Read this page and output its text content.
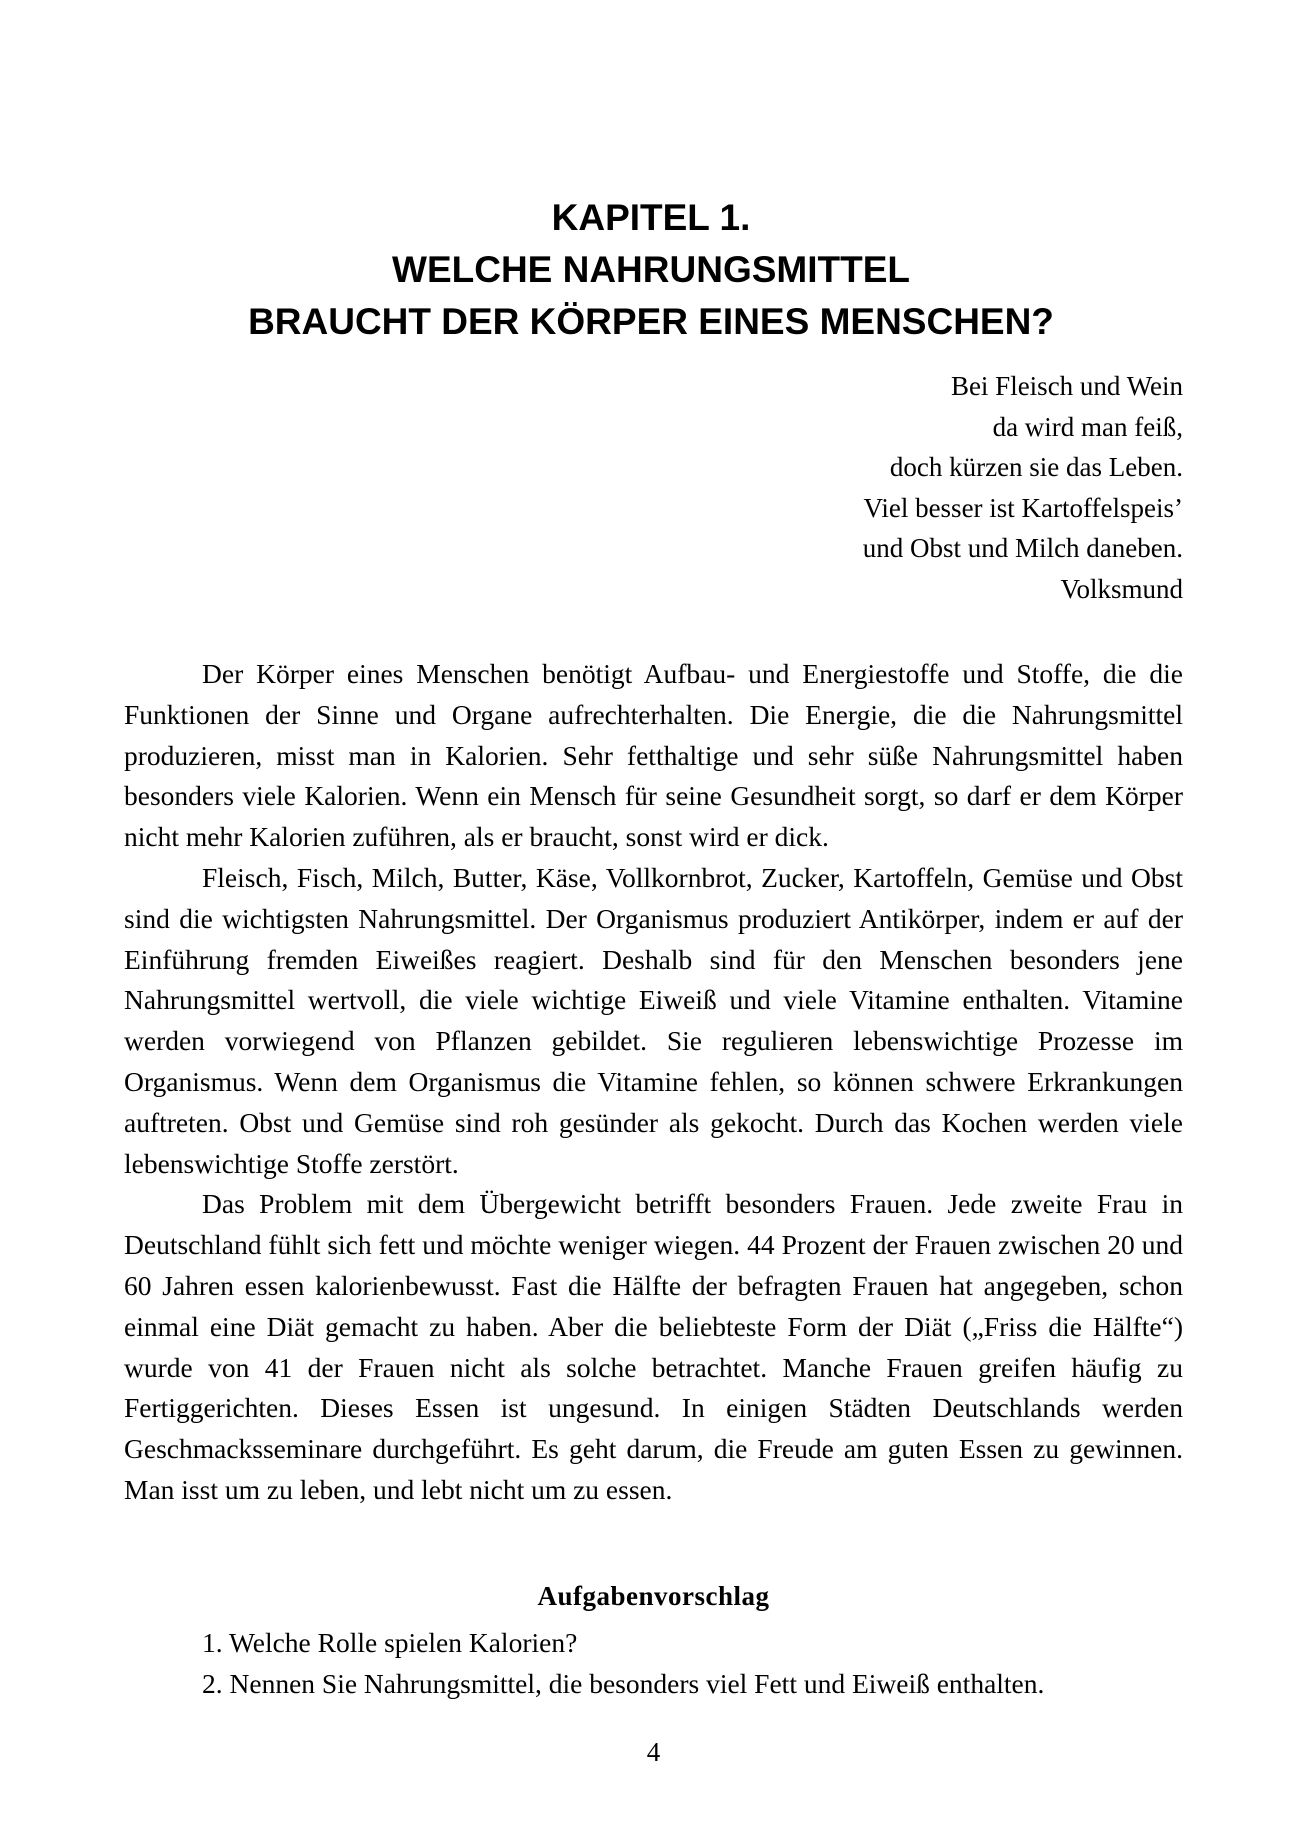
KAPITEL 1.
WELCHE NAHRUNGSMITTEL
BRAUCHT DER KÖRPER EINES MENSCHEN?
Bei Fleisch und Wein
da wird man feiß,
doch kürzen sie das Leben.
Viel besser ist Kartoffelspeis’
und Obst und Milch daneben.
Volksmund

Der Körper eines Menschen benötigt Aufbau- und Energiestoffe und Stoffe, die die Funktionen der Sinne und Organe aufrechterhalten. Die Energie, die die Nahrungsmittel produzieren, misst man in Kalorien. Sehr fetthaltige und sehr süße Nahrungsmittel haben besonders viele Kalorien. Wenn ein Mensch für seine Gesundheit sorgt, so darf er dem Körper nicht mehr Kalorien zuführen, als er braucht, sonst wird er dick.

Fleisch, Fisch, Milch, Butter, Käse, Vollkornbrot, Zucker, Kartoffeln, Gemüse und Obst sind die wichtigsten Nahrungsmittel. Der Organismus produziert Antikörper, indem er auf der Einführung fremden Eiweißes reagiert. Deshalb sind für den Menschen besonders jene Nahrungsmittel wertvoll, die viele wichtige Eiweiß und viele Vitamine enthalten. Vitamine werden vorwiegend von Pflanzen gebildet. Sie regulieren lebenswichtige Prozesse im Organismus. Wenn dem Organismus die Vitamine fehlen, so können schwere Erkrankungen auftreten. Obst und Gemüse sind roh gesünder als gekocht. Durch das Kochen werden viele lebenswichtige Stoffe zerstört.

Das Problem mit dem Übergewicht betrifft besonders Frauen. Jede zweite Frau in Deutschland fühlt sich fett und möchte weniger wiegen. 44 Prozent der Frauen zwischen 20 und 60 Jahren essen kalorienbewusst. Fast die Hälfte der befragten Frauen hat angegeben, schon einmal eine Diät gemacht zu haben. Aber die beliebteste Form der Diät („Friss die Hälfte“) wurde von 41 der Frauen nicht als solche betrachtet. Manche Frauen greifen häufig zu Fertiggerichten. Dieses Essen ist ungesund. In einigen Städten Deutschlands werden Geschmacksseminare durchgeführt. Es geht darum, die Freude am guten Essen zu gewinnen. Man isst um zu leben, und lebt nicht um zu essen.

Aufgabenvorschlag
1. Welche Rolle spielen Kalorien?
2. Nennen Sie Nahrungsmittel, die besonders viel Fett und Eiweiß enthalten.
4
